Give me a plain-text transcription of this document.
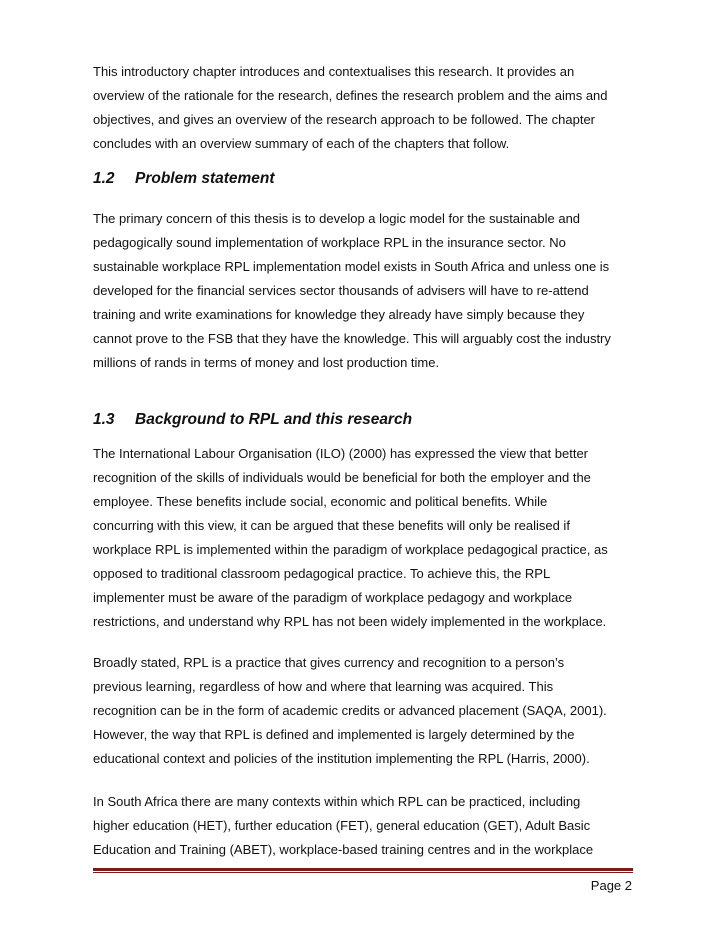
This introductory chapter introduces and contextualises this research. It provides an
overview of the rationale for the research, defines the research problem and the aims and
objectives, and gives an overview of the research approach to be followed. The chapter
concludes with an overview summary of each of the chapters that follow.

1.2 Problem statement

The primary concern of this thesis is to develop a logic model for the sustainable and
pedagogically sound implementation of workplace RPL in the insurance sector. No
sustainable workplace RPL implementation model exists in South Africa and unless one is
developed for the financial services sector thousands of advisers will have to re-attend
training and write examinations for knowledge they already have simply because they
cannot prove to the FSB that they have the knowledge. This will arguably cost the industry
millions of rands in terms of money and lost production time.

1.3 Background to RPL and this research

The International Labour Organisation (ILO) (2000) has expressed the view that better
recognition of the skills of individuals would be beneficial for both the employer and the
employee. These benefits include social, economic and political benefits. While
concurring with this view, it can be argued that these benefits will only be realised if
workplace RPL is implemented within the paradigm of workplace pedagogical practice, as
opposed to traditional classroom pedagogical practice. To achieve this, the RPL
implementer must be aware of the paradigm of workplace pedagogy and workplace
restrictions, and understand why RPL has not been widely implemented in the workplace.

Broadly stated, RPL is a practice that gives currency and recognition to a person’s
previous learning, regardless of how and where that learning was acquired. This
recognition can be in the form of academic credits or advanced placement (SAQA, 2001).
However, the way that RPL is defined and implemented is largely determined by the
educational context and policies of the institution implementing the RPL (Harris, 2000).

In South Africa there are many contexts within which RPL can be practiced, including
higher education (HET), further education (FET), general education (GET), Adult Basic
Education and Training (ABET), workplace-based training centres and in the workplace

Page 2
